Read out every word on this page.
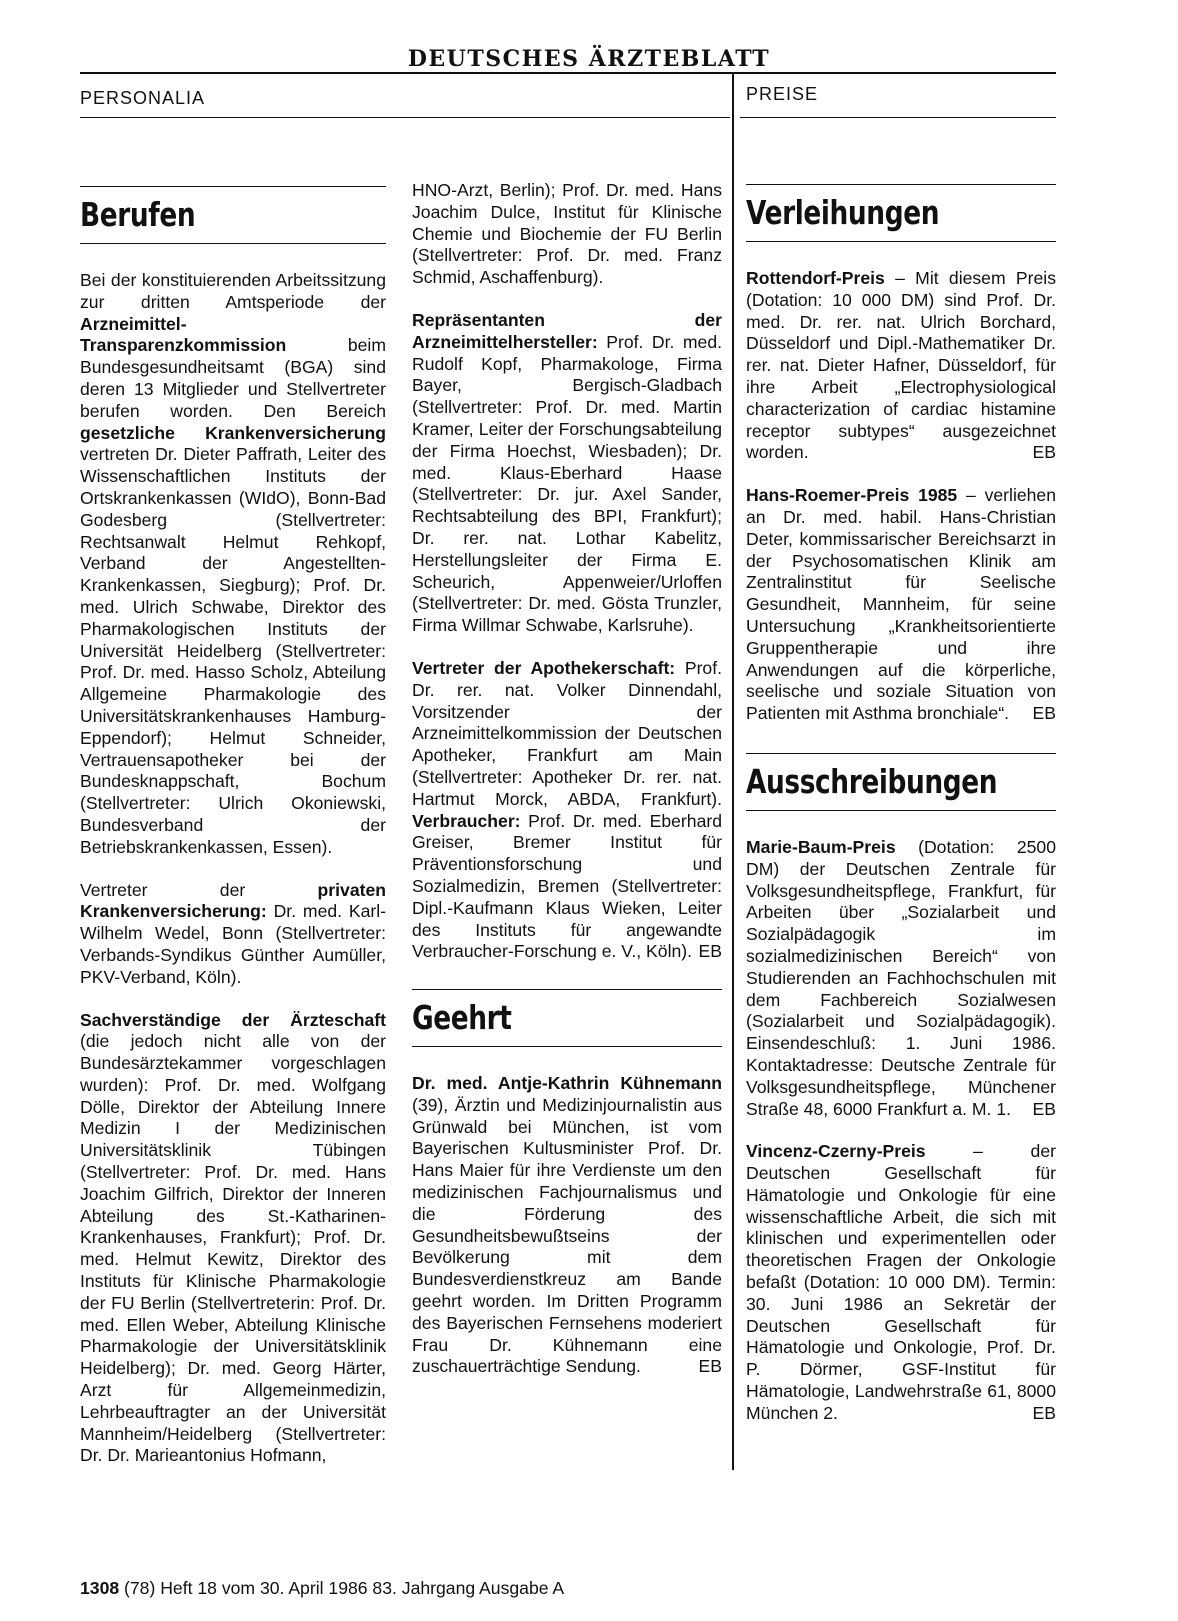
DEUTSCHES ÄRZTEBLATT
PERSONALIA	PREISE
Berufen

Bei der konstituierenden Arbeitssitzung zur dritten Amtsperiode der Arzneimittel-Transparenzkommission beim Bundesgesundheitsamt (BGA) sind deren 13 Mitglieder und Stellvertreter berufen worden. Den Bereich gesetzliche Krankenversicherung vertreten Dr. Dieter Paffrath, Leiter des Wissenschaftlichen Instituts der Ortskrankenkassen (WIdO), Bonn-Bad Godesberg (Stellvertreter: Rechtsanwalt Helmut Rehkopf, Verband der Angestellten-Krankenkassen, Siegburg); Prof. Dr. med. Ulrich Schwabe, Direktor des Pharmakologischen Instituts der Universität Heidelberg (Stellvertreter: Prof. Dr. med. Hasso Scholz, Abteilung Allgemeine Pharmakologie des Universitätskrankenhauses Hamburg-Eppendorf); Helmut Schneider, Vertrauensapotheker bei der Bundesknappschaft, Bochum (Stellvertreter: Ulrich Okoniewski, Bundesverband der Betriebskrankenkassen, Essen).

Vertreter der privaten Krankenversicherung: Dr. med. Karl-Wilhelm Wedel, Bonn (Stellvertreter: Verbands-Syndikus Günther Aumüller, PKV-Verband, Köln).

Sachverständige der Ärzteschaft (die jedoch nicht alle von der Bundesärztekammer vorgeschlagen wurden): Prof. Dr. med. Wolfgang Dölle, Direktor der Abteilung Innere Medizin I der Medizinischen Universitätsklinik Tübingen (Stellvertreter: Prof. Dr. med. Hans Joachim Gilfrich, Direktor der Inneren Abteilung des St.-Katharinen-Krankenhauses, Frankfurt); Prof. Dr. med. Helmut Kewitz, Direktor des Instituts für Klinische Pharmakologie der FU Berlin (Stellvertreterin: Prof. Dr. med. Ellen Weber, Abteilung Klinische Pharmakologie der Universitätsklinik Heidelberg); Dr. med. Georg Härter, Arzt für Allgemeinmedizin, Lehrbeauftragter an der Universität Mannheim/Heidelberg (Stellvertreter: Dr. Dr. Marieantonius Hofmann,

HNO-Arzt, Berlin); Prof. Dr. med. Hans Joachim Dulce, Institut für Klinische Chemie und Biochemie der FU Berlin (Stellvertreter: Prof. Dr. med. Franz Schmid, Aschaffenburg).

Repräsentanten der Arzneimittelhersteller: Prof. Dr. med. Rudolf Kopf, Pharmakologe, Firma Bayer, Bergisch-Gladbach (Stellvertreter: Prof. Dr. med. Martin Kramer, Leiter der Forschungsabteilung der Firma Hoechst, Wiesbaden); Dr. med. Klaus-Eberhard Haase (Stellvertreter: Dr. jur. Axel Sander, Rechtsabteilung des BPI, Frankfurt); Dr. rer. nat. Lothar Kabelitz, Herstellungsleiter der Firma E. Scheurich, Appenweier/Urloffen (Stellvertreter: Dr. med. Gösta Trunzler, Firma Willmar Schwabe, Karlsruhe).

Vertreter der Apothekerschaft: Prof. Dr. rer. nat. Volker Dinnendahl, Vorsitzender der Arzneimittelkommission der Deutschen Apotheker, Frankfurt am Main (Stellvertreter: Apotheker Dr. rer. nat. Hartmut Morck, ABDA, Frankfurt). Verbraucher: Prof. Dr. med. Eberhard Greiser, Bremer Institut für Präventionsforschung und Sozialmedizin, Bremen (Stellvertreter: Dipl.-Kaufmann Klaus Wieken, Leiter des Instituts für angewandte Verbraucher-Forschung e. V., Köln). EB

Geehrt

Dr. med. Antje-Kathrin Kühnemann (39), Ärztin und Medizinjournalistin aus Grünwald bei München, ist vom Bayerischen Kultusminister Prof. Dr. Hans Maier für ihre Verdienste um den medizinischen Fachjournalismus und die Förderung des Gesundheitsbewußtseins der Bevölkerung mit dem Bundesverdienstkreuz am Bande geehrt worden. Im Dritten Programm des Bayerischen Fernsehens moderiert Frau Dr. Kühnemann eine zuschauerträchtige Sendung.	EB

Verleihungen

Rottendorf-Preis – Mit diesem Preis (Dotation: 10 000 DM) sind Prof. Dr. med. Dr. rer. nat. Ulrich Borchard, Düsseldorf und Dipl.-Mathematiker Dr. rer. nat. Dieter Hafner, Düsseldorf, für ihre Arbeit „Electrophysiological characterization of cardiac histamine receptor subtypes“ ausgezeichnet worden.	EB

Hans-Roemer-Preis 1985 – verliehen an Dr. med. habil. Hans-Christian Deter, kommissarischer Bereichsarzt in der Psychosomatischen Klinik am Zentralinstitut für Seelische Gesundheit, Mannheim, für seine Untersuchung „Krankheitsorientierte Gruppentherapie und ihre Anwendungen auf die körperliche, seelische und soziale Situation von Patienten mit Asthma bronchiale“. EB

Ausschreibungen

Marie-Baum-Preis (Dotation: 2500 DM) der Deutschen Zentrale für Volksgesundheitspflege, Frankfurt, für Arbeiten über „Sozialarbeit und Sozialpädagogik im sozialmedizinischen Bereich“ von Studierenden an Fachhochschulen mit dem Fachbereich Sozialwesen (Sozialarbeit und Sozialpädagogik). Einsendeschluß: 1. Juni 1986. Kontaktadresse: Deutsche Zentrale für Volksgesundheitspflege, Münchener Straße 48, 6000 Frankfurt a. M. 1. EB

Vincenz-Czerny-Preis – der Deutschen Gesellschaft für Hämatologie und Onkologie für eine wissenschaftliche Arbeit, die sich mit klinischen und experimentellen oder theoretischen Fragen der Onkologie befaßt (Dotation: 10 000 DM). Termin: 30. Juni 1986 an Sekretär der Deutschen Gesellschaft für Hämatologie und Onkologie, Prof. Dr. P. Dörmer, GSF-Institut für Hämatologie, Landwehrstraße 61, 8000 München 2.	EB

1308 (78) Heft 18 vom 30. April 1986 83. Jahrgang Ausgabe A
